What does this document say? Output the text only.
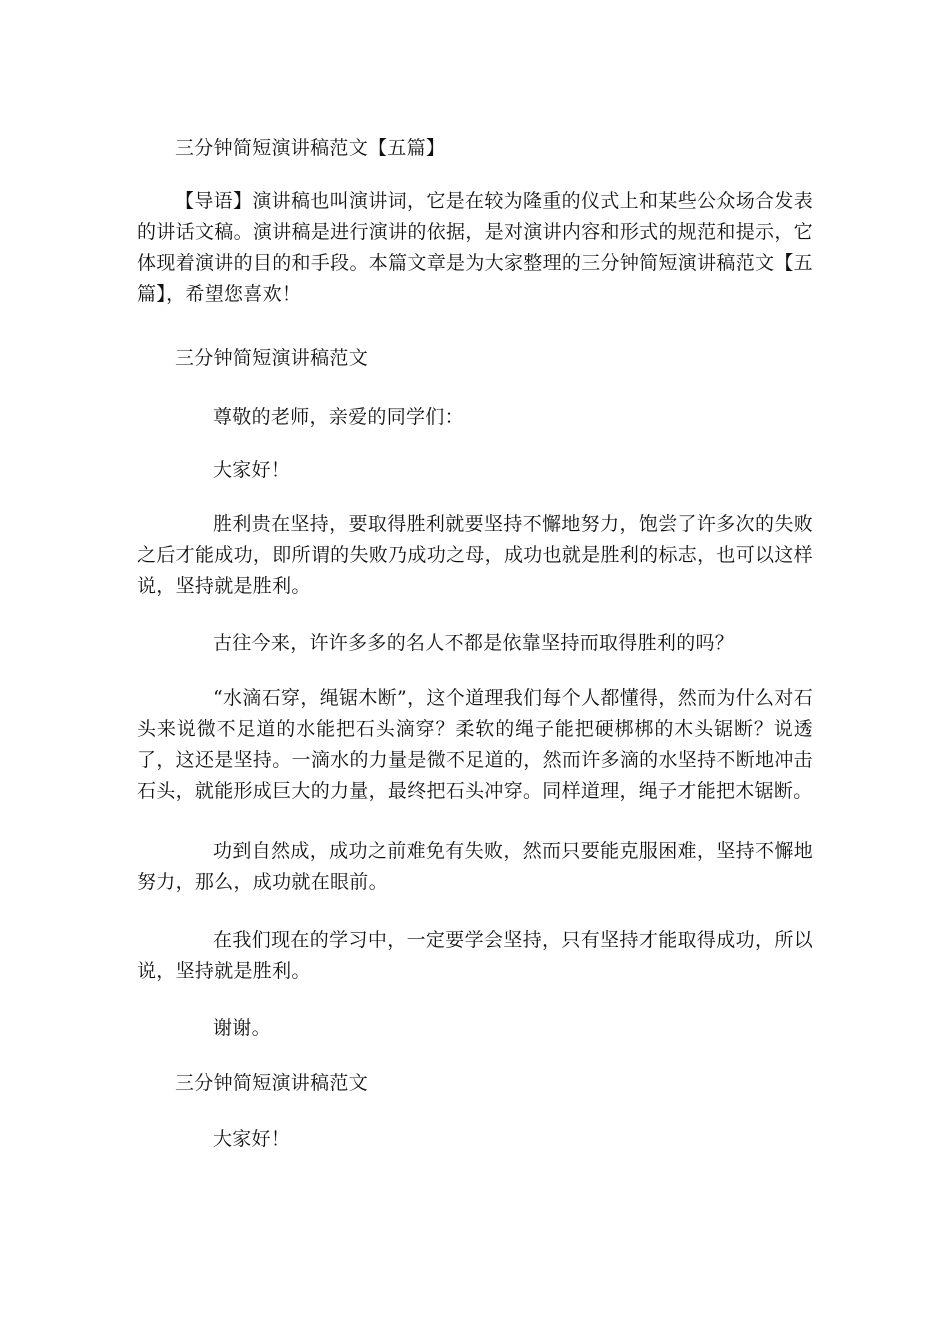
三分钟简短演讲稿范文【五篇】

【导语】演讲稿也叫演讲词，它是在较为隆重的仪式上和某些公众场合发表的讲话文稿。演讲稿是进行演讲的依据，是对演讲内容和形式的规范和提示，它体现着演讲的目的和手段。本篇文章是为大家整理的三分钟简短演讲稿范文【五篇】，希望您喜欢！

三分钟简短演讲稿范文
尊敬的老师，亲爱的同学们：
大家好！

胜利贵在坚持，要取得胜利就要坚持不懈地努力，饱尝了许多次的失败之后才能成功，即所谓的失败乃成功之母，成功也就是胜利的标志，也可以这样说，坚持就是胜利。

古往今来，许许多多的名人不都是依靠坚持而取得胜利的吗？

“水滴石穿，绳锯木断”，这个道理我们每个人都懂得，然而为什么对石头来说微不足道的水能把石头滴穿？柔软的绳子能把硬梆梆的木头锯断？说透了，这还是坚持。一滴水的力量是微不足道的，然而许多滴的水坚持不断地冲击石头，就能形成巨大的力量，最终把石头冲穿。同样道理，绳子才能把木锯断。

功到自然成，成功之前难免有失败，然而只要能克服困难，坚持不懈地努力，那么，成功就在眼前。

在我们现在的学习中，一定要学会坚持，只有坚持才能取得成功，所以说，坚持就是胜利。

谢谢。
三分钟简短演讲稿范文
大家好！
